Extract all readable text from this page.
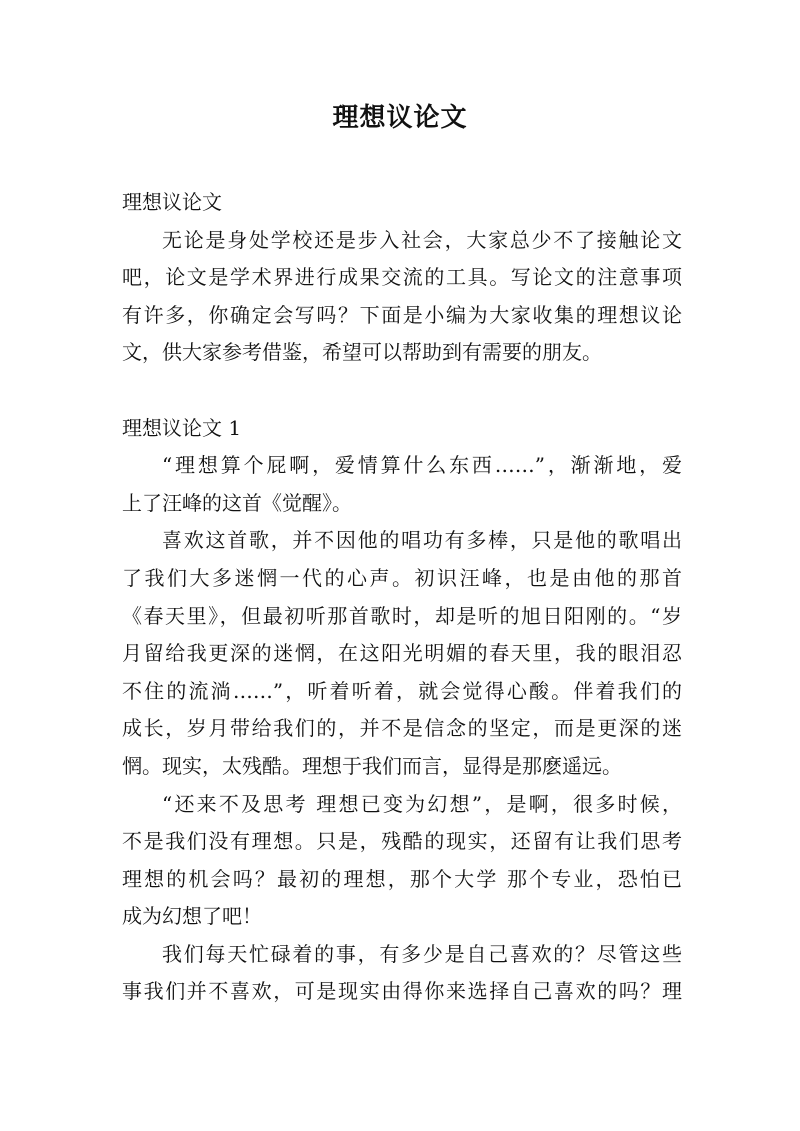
理想议论文
理想议论文
无论是身处学校还是步入社会，大家总少不了接触论文
吧，论文是学术界进行成果交流的工具。写论文的注意事项
有许多，你确定会写吗？下面是小编为大家收集的理想议论
文，供大家参考借鉴，希望可以帮助到有需要的朋友。
理想议论文 1
“理想算个屁啊，爱情算什么东西……”，渐渐地，爱
上了汪峰的这首《觉醒》。
喜欢这首歌，并不因他的唱功有多棒，只是他的歌唱出
了我们大多迷惘一代的心声。初识汪峰，也是由他的那首
《春天里》，但最初听那首歌时，却是听的旭日阳刚的。“岁
月留给我更深的迷惘，在这阳光明媚的春天里，我的眼泪忍
不住的流淌……”，听着听着，就会觉得心酸。伴着我们的
成长，岁月带给我们的，并不是信念的坚定，而是更深的迷
惘。现实，太残酷。理想于我们而言，显得是那麽遥远。
“还来不及思考 理想已变为幻想”，是啊，很多时候，
不是我们没有理想。只是，残酷的现实，还留有让我们思考
理想的机会吗？最初的理想，那个大学 那个专业，恐怕已
成为幻想了吧！
我们每天忙碌着的事，有多少是自己喜欢的？尽管这些
事我们并不喜欢，可是现实由得你来选择自己喜欢的吗？理
